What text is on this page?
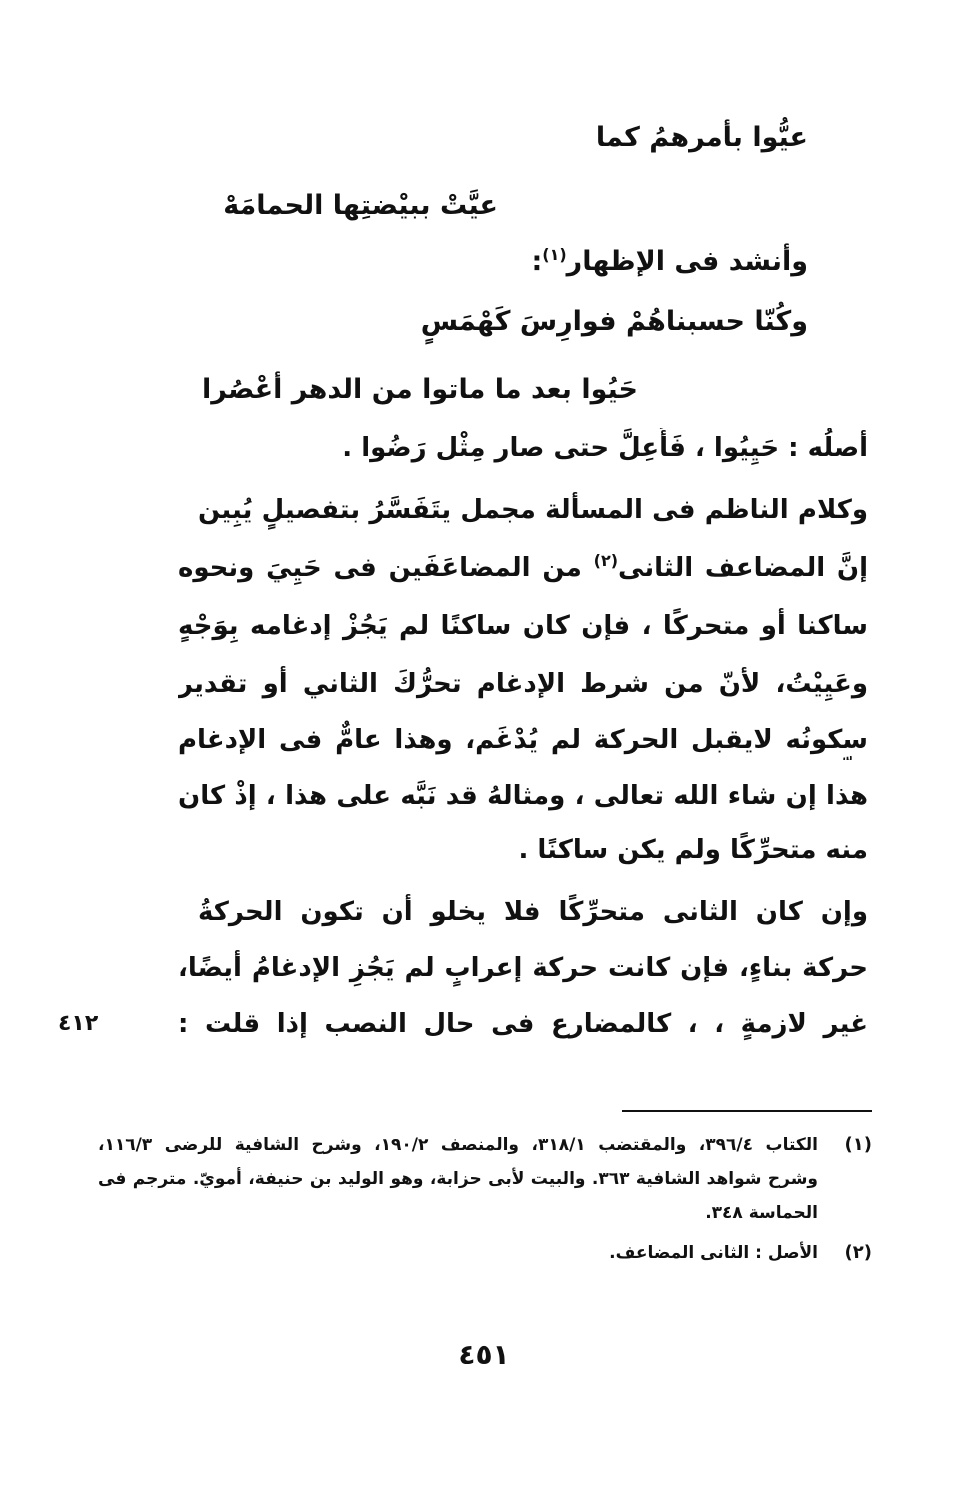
عيُّوا بأمرهمُ كما
عيَّتْ ببيْضتِها الحمامَهْ
وأنشد فى الإظهار$^{(١)}$:
وكُنّا حسبناهُمْ فوارِسَ كَهْمَسٍ
حَيُوا بعد ما ماتوا من الدهر أعْصُرا
أصلُه : حَيِيُوا ، فَأُعِلَّ حتى صار مِثْل رَضُوا .
وكلام الناظم فى المسألة مجمل يتَفَسَّرُ بتفصيلٍ يُبِين
إنَّ المضاعف الثانى$^{(٢)}$ من المضاعَفَين فى حَيِيَ ونحوه
ساكنا أو متحركًا ، فإن كان ساكنًا لم يَجُزْ إدغامه بِوَجْهٍ
وعَيِيْتُ، لأنّ من شرط الإدغام تحرُّكَ الثاني أو تقدير
سكونُه لايقبل الحركة لم يُدْغَم، وهذا عامٌّ فى الإدغام
هذا إن شاء الله تعالى ، ومثالهُ قد نَبَّه على هذا ، إذْ كان
منه متحرِّكًا ولم يكن ساكنًا .
وإن كان الثانى متحرِّكًا فلا يخلو أن تكون الحركةُ
حركة بناءٍ، فإن كانت حركة إعرابٍ لم يَجُزِ الإدغامُ أيضًا،
غير لازمةٍ ، ، كالمضارع فى حال النصب إذا قلت :
٤١٢
(١)
الكتاب ٣٩٦/٤، والمقتضب ٣١٨/١، والمنصف ١٩٠/٢، وشرح الشافية للرضى ١١٦/٣،
وشرح شواهد الشافية ٣٦٣. والبيت لأبى حزابة، وهو الوليد بن حنيفة، أمويّ. مترجم فى
الحماسة ٣٤٨.
(٢)
الأصل : الثانى المضاعف.
٤٥١
